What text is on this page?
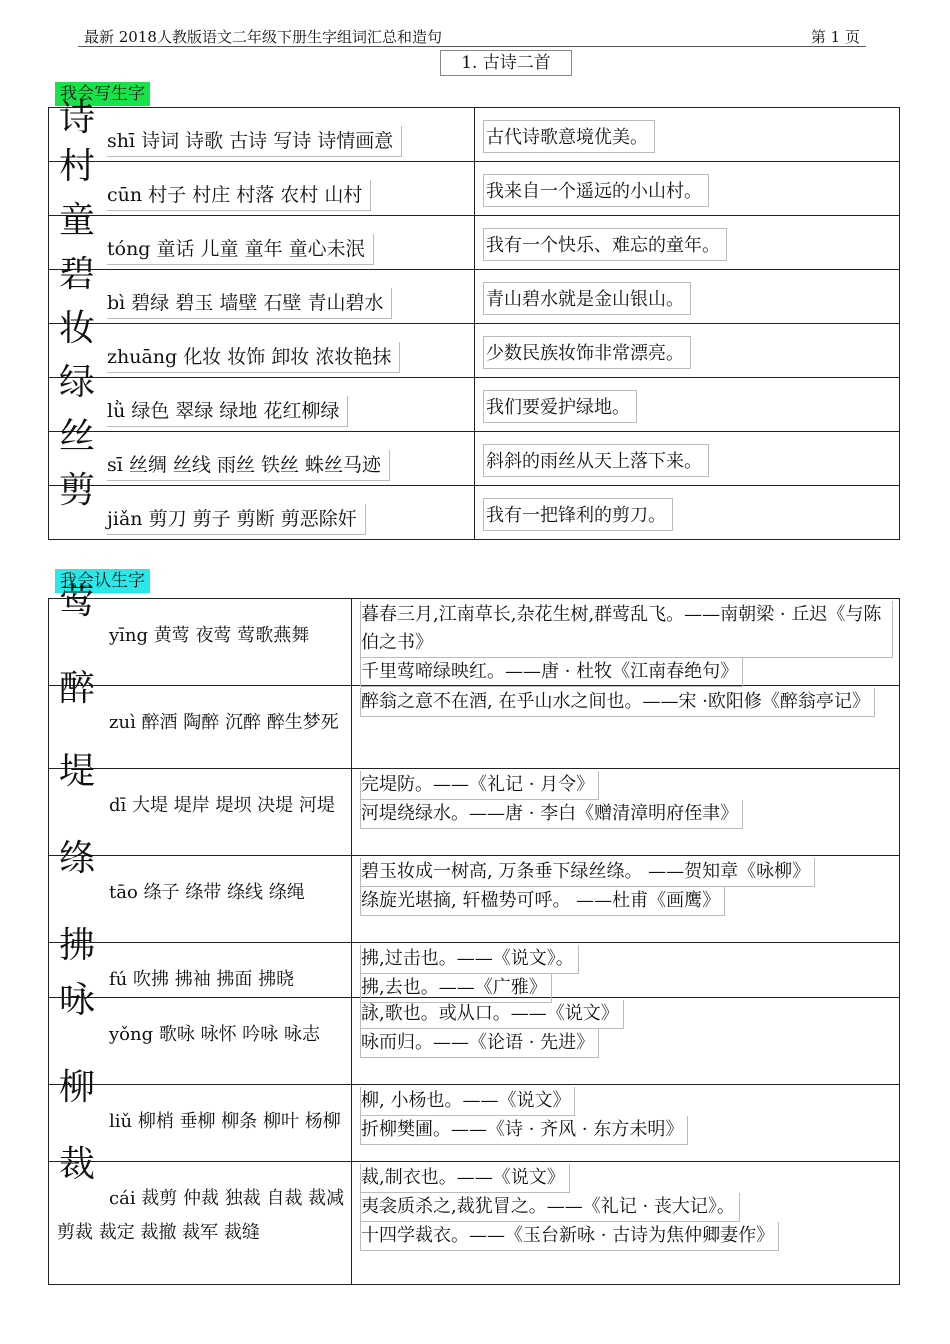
最新 2018人教版语文二年级下册生字组词汇总和造句	第 1 页
1. 古诗二首
我会写生字
诗
shī 诗词 诗歌 古诗 写诗 诗情画意	古代诗歌意境优美。

村
cūn 村子 村庄 村落 农村 山村	我来自一个遥远的小山村。

童
tóng 童话 儿童 童年 童心未泯	我有一个快乐、难忘的童年。

碧
bì 碧绿 碧玉 墙壁 石壁 青山碧水	青山碧水就是金山银山。

妆
zhuāng 化妆 妆饰 卸妆 浓妆艳抹	少数民族妆饰非常漂亮。

绿
lǜ 绿色 翠绿 绿地 花红柳绿	我们要爱护绿地。

丝
sī 丝绸 丝线 雨丝 铁丝 蛛丝马迹	斜斜的雨丝从天上落下来。

剪
jiǎn 剪刀 剪子 剪断 剪恶除奸	我有一把锋利的剪刀。
我会认生字
莺
yīng 黄莺 夜莺 莺歌燕舞	暮春三月,江南草长,杂花生树,群莺乱飞。——南朝梁 · 丘迟《与陈伯之书》
千里莺啼绿映红。——唐 · 杜牧《江南春绝句》

醉
zuì 醉酒 陶醉 沉醉 醉生梦死	醉翁之意不在酒, 在乎山水之间也。——宋 ·欧阳修《醉翁亭记》

堤
dī 大堤 堤岸 堤坝 决堤 河堤	完堤防。——《礼记 · 月令》
河堤绕绿水。——唐 · 李白《赠清漳明府侄聿》

绦
tāo 绦子 绦带 绦线 绦绳	碧玉妆成一树高, 万条垂下绿丝绦。 ——贺知章《咏柳》
绦旋光堪摘, 轩楹势可呼。 ——杜甫《画鹰》

拂
fú 吹拂 拂袖 拂面 拂晓	拂,过击也。——《说文》。
拂,去也。——《广雅》

咏
yǒng 歌咏 咏怀 吟咏 咏志	詠,歌也。或从口。——《说文》
咏而归。——《论语 · 先进》

柳
liǔ 柳梢 垂柳 柳条 柳叶 杨柳	柳, 小杨也。——《说文》
折柳樊圃。——《诗 · 齐风 · 东方未明》

裁
cái 裁剪 仲裁 独裁 自裁 裁减 剪裁 裁定 裁撤 裁军 裁缝	裁,制衣也。——《说文》
夷衾质杀之,裁犹冒之。——《礼记 · 丧大记》。
十四学裁衣。——《玉台新咏 · 古诗为焦仲卿妻作》
